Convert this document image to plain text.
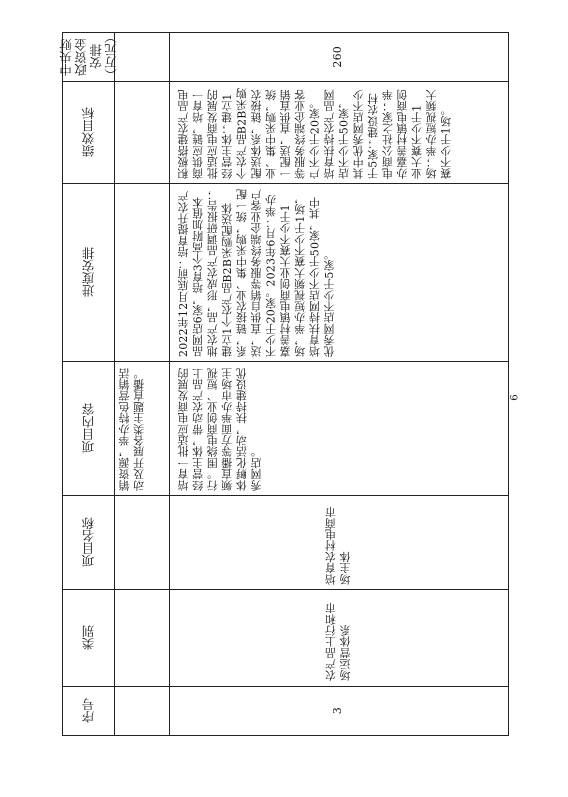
中央财政资金安排（万元）
绩效目标
进度安排
项目内容
项目名称
类别
序号
销资源，举办特色营销活动及开展各类主题直播。
260
积极搭建农产品电商供应链，培育一批适应电商发展的经营主体；建立1个农产品B2B采购配送体系，链接农业、集中采购，统一配送，直供直销等服务终端企业客户不少于20家。培育扶持农产品网店不少于50家，其中优秀网店不少于5家；建设农村电商公社之家；举办嘉善村镇电商创业大赛不少于1场；举办短视频大赛不少于1场。
2022年12月底前：培育提升农产品网店6家，培育3个高附加值本地农产品，形成农产品调研报告；建立1个农产品B2B采购配送体系，链接农业、集中采购，统一配送，直供自销等服务终端企业客户不少于20家。2023年6月：举办嘉善村镇电商创业大赛不少于1场，举办短视频大赛不少于1场，培育扶持网店不少于50家，其中优秀网店不少于5家。
培育一批适应电商发展的经营主体，带动农产品上行。围绕电商创业、短视频直播等方面举办市场主体孵化活动，扶持建设优秀网店。
培育农村电商市场主体
农产品上行和市场运营体系
3
6
